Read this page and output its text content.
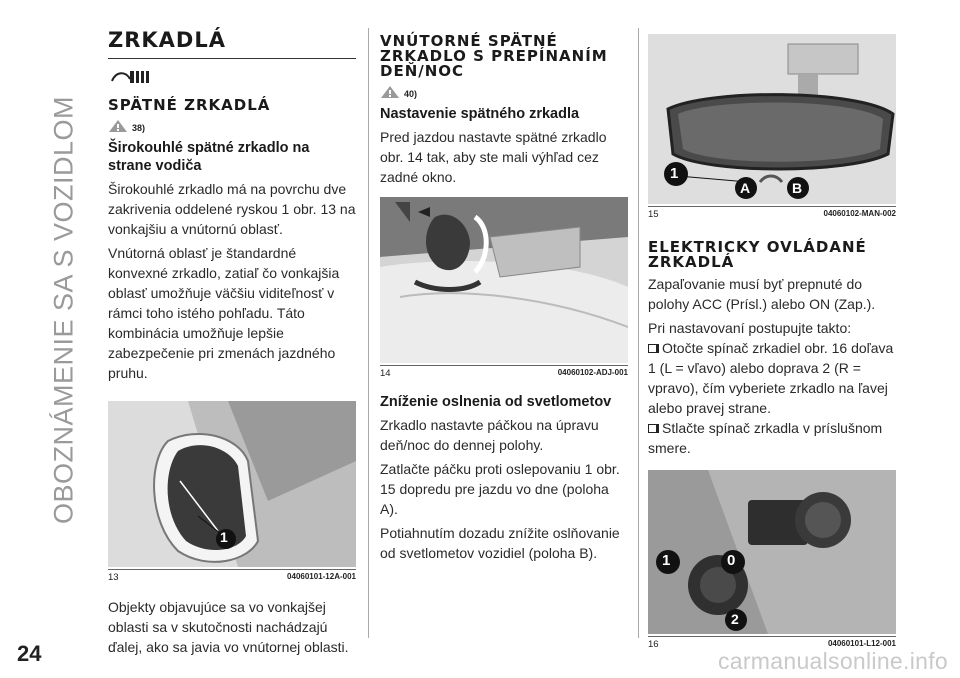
OBOZNÁMENIE SA S VOZIDLOM
24	carmanualsonline.info
ZRKADLÁ
SPÄTNÉ ZRKADLÁ
38)
Širokouhlé spätné zrkadlo na strane vodiča
Širokouhlé zrkadlo má na povrchu dve zakrivenia oddelené ryskou 1 obr. 13 na vonkajšiu a vnútornú oblasť.
Vnútorná oblasť je štandardné konvexné zrkadlo, zatiaľ čo vonkajšia oblasť umožňuje väčšiu viditeľnosť v rámci toho istého pohľadu. Táto kombinácia umožňuje lepšie zabezpečenie pri zmenách jazdného pruhu.
1
13	04060101-12A-001
Objekty objavujúce sa vo vonkajšej oblasti sa v skutočnosti nachádzajú ďalej, ako sa javia vo vnútornej oblasti.
VNÚTORNÉ SPÄTNÉ ZRKADLO S PREPÍNANÍM DEŇ/NOC
40)
Nastavenie spätného zrkadla
Pred jazdou nastavte spätné zrkadlo obr. 14 tak, aby ste mali výhľad cez zadné okno.
14	04060102-ADJ-001
Zníženie oslnenia od svetlometov
Zrkadlo nastavte páčkou na úpravu deň/noc do dennej polohy.
Zatlačte páčku proti oslepovaniu 1 obr. 15 dopredu pre jazdu vo dne (poloha A).
Potiahnutím dozadu znížite oslňovanie od svetlometov vozidiel (poloha B).
1
A	B
15	04060102-MAN-002
ELEKTRICKY OVLÁDANÉ ZRKADLÁ
Zapaľovanie musí byť prepnuté do polohy ACC (Prísl.) alebo ON (Zap.).
Pri nastavovaní postupujte takto:
Otočte spínač zrkadiel obr. 16 doľava 1 (L = vľavo) alebo doprava 2 (R = vpravo), čím vyberiete zrkadlo na ľavej alebo pravej strane.
Stlačte spínač zrkadla v príslušnom smere.
1	0
2
16	04060101-L12-001
